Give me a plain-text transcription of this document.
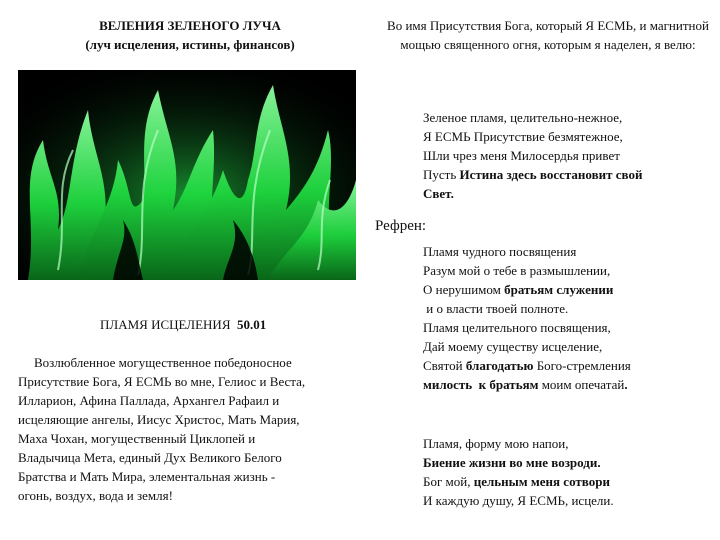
ВЕЛЕНИЯ ЗЕЛЕНОГО ЛУЧА
(луч исцеления, истины, финансов)
Во имя Присутствия Бога, который Я ЕСМЬ, и магнитной мощью священного огня, которым я наделен, я велю:
Зеленое пламя, целительно-нежное,
Я ЕСМЬ Присутствие безмятежное,
Шли чрез меня Милосердья привет
Пусть Истина здесь восстановит свой
Свет.
Рефрен:
Пламя чудного посвящения
Разум мой о тебе в размышлении,
О нерушимом братьям служении
и о власти твоей полноте.
Пламя целительного посвящения,
Дай моему существу исцеление,
Святой благодатью Бого-стремления
милость  к братьям моим опечатай.
Пламя, форму мою напои,
Биение жизни во мне возроди.
Бог мой, цельным меня сотвори
И каждую душу, Я ЕСМЬ, исцели.
ПЛАМЯ ИСЦЕЛЕНИЯ 50.01
Возлюбленное могущественное победоносное
Присутствие Бога, Я ЕСМЬ во мне, Гелиос и Веста,
Илларион, Афина Паллада, Архангел Рафаил и
исцеляющие ангелы, Иисус Христос, Мать Мария,
Маха Чохан, могущественный Циклопей и
Владычица Мета, единый Дух Великого Белого
Братства и Мать Мира, элементальная жизнь -
огонь, воздух, вода и земля!
